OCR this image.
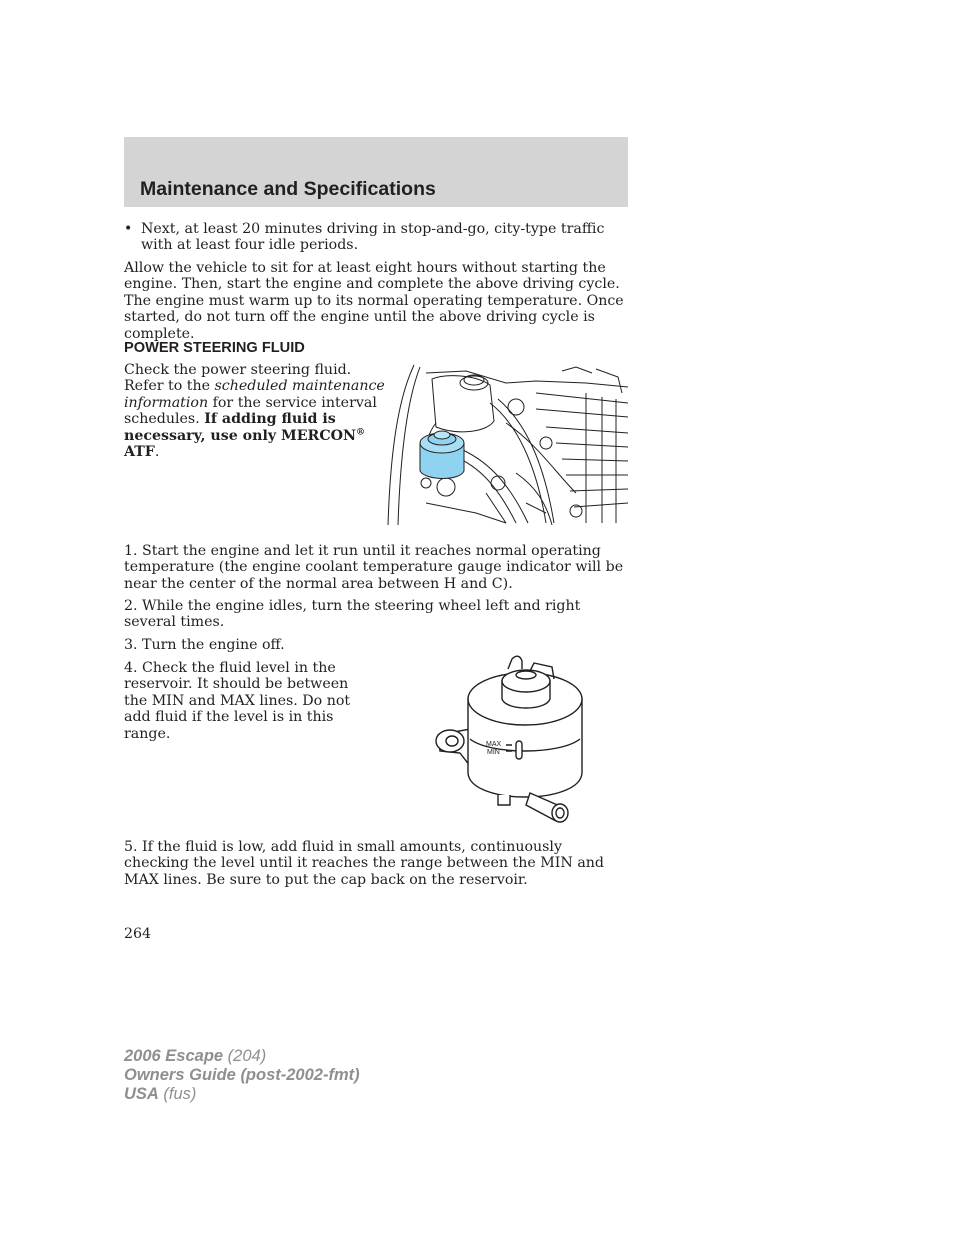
Maintenance and Specifications
• Next, at least 20 minutes driving in stop-and-go, city-type traffic with at least four idle periods.
Allow the vehicle to sit for at least eight hours without starting the engine. Then, start the engine and complete the above driving cycle. The engine must warm up to its normal operating temperature. Once started, do not turn off the engine until the above driving cycle is complete.
POWER STEERING FLUID
Check the power steering fluid. Refer to the scheduled maintenance information for the service interval schedules. If adding fluid is necessary, use only MERCON® ATF.
1. Start the engine and let it run until it reaches normal operating temperature (the engine coolant temperature gauge indicator will be near the center of the normal area between H and C).
2. While the engine idles, turn the steering wheel left and right several times.
3. Turn the engine off.
4. Check the fluid level in the reservoir. It should be between the MIN and MAX lines. Do not add fluid if the level is in this range.
MAX
MIN
5. If the fluid is low, add fluid in small amounts, continuously checking the level until it reaches the range between the MIN and MAX lines. Be sure to put the cap back on the reservoir.
264
2006 Escape (204)
Owners Guide (post-2002-fmt)
USA (fus)
